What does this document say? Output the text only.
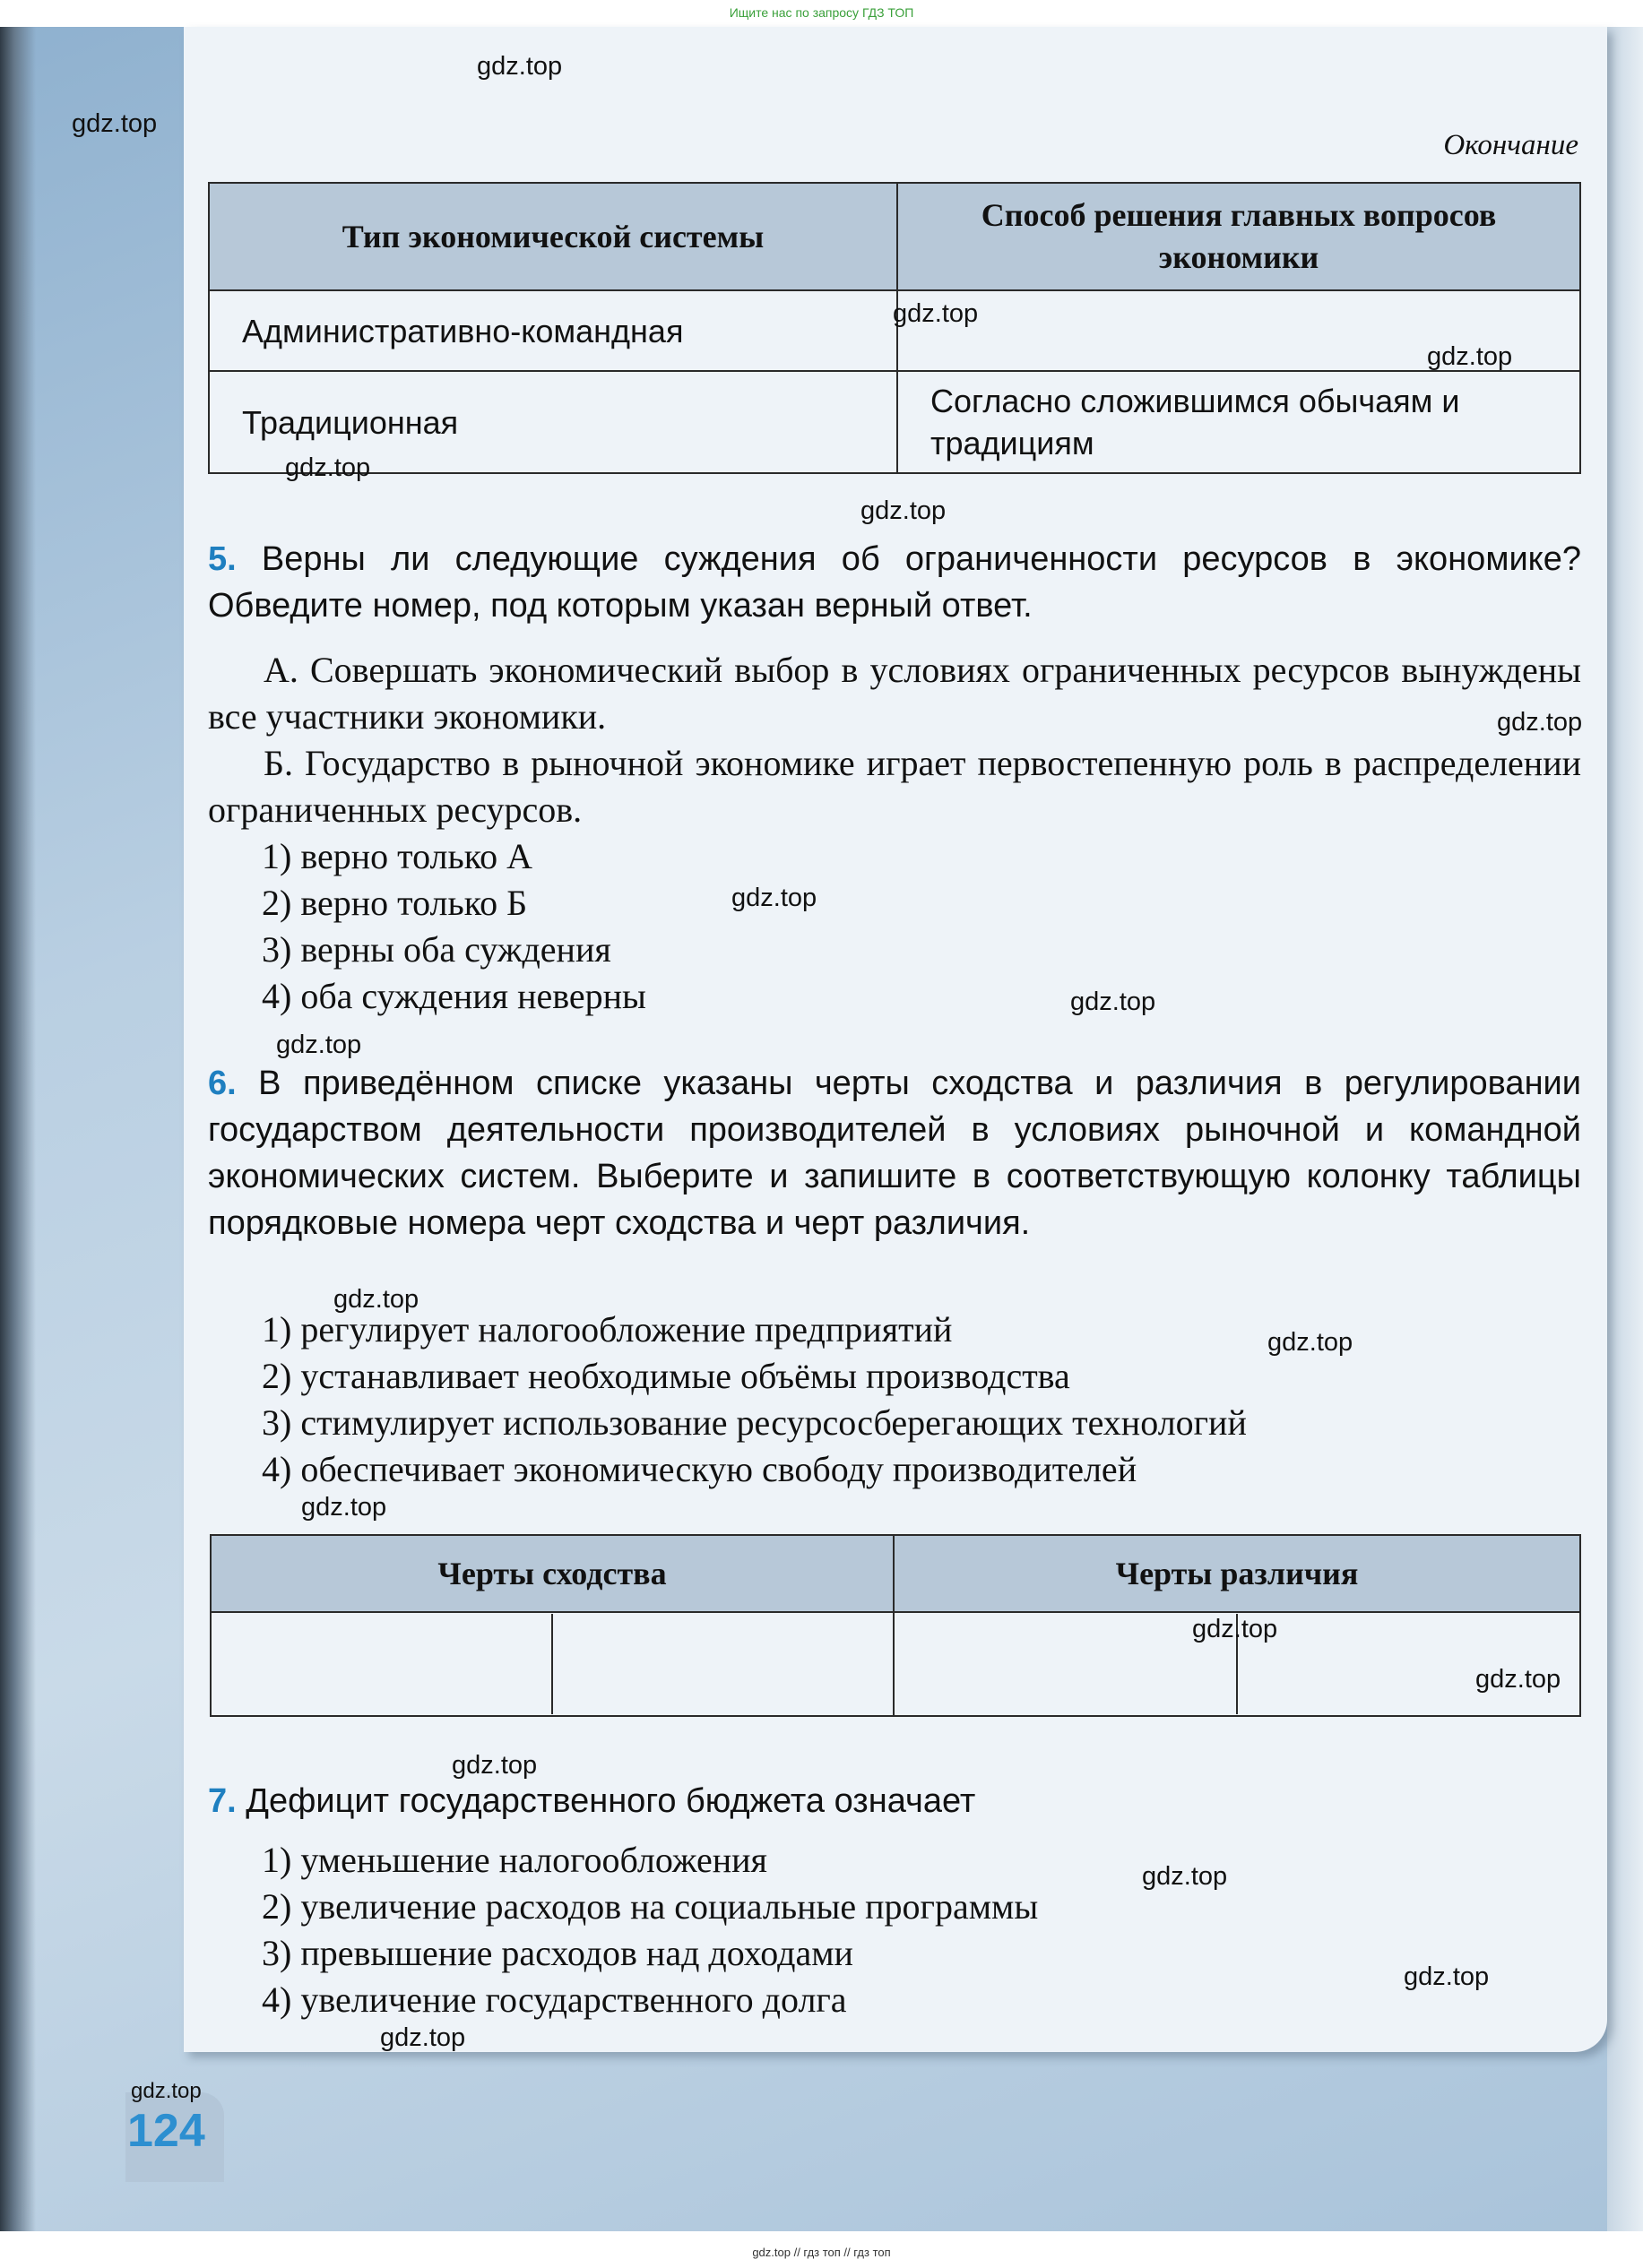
Ищите нас по запросу ГДЗ ТОП
Окончание
Тип экономической системы	Способ решения главных вопросов экономики
Административно-командная	
Традиционная	Согласно сложившимся обычаям и традициям
5. Верны ли следующие суждения об ограниченности ресурсов в экономике? Обведите номер, под которым указан верный ответ.
А. Совершать экономический выбор в условиях ограниченных ресурсов вынуждены все участники экономики.
Б. Государство в рыночной экономике играет первостепенную роль в распределении ограниченных ресурсов.
1) верно только А
2) верно только Б
3) верны оба суждения
4) оба суждения неверны
6. В приведённом списке указаны черты сходства и различия в регулировании государством деятельности производителей в условиях рыночной и командной экономических систем. Выберите и запишите в соответствующую колонку таблицы порядковые номера черт сходства и черт различия.
1) регулирует налогообложение предприятий
2) устанавливает необходимые объёмы производства
3) стимулирует использование ресурсосберегающих технологий
4) обеспечивает экономическую свободу производителей
Черты сходства	Черты различия

7. Дефицит государственного бюджета означает
1) уменьшение налогообложения
2) увеличение расходов на социальные программы
3) превышение расходов над доходами
4) увеличение государственного долга
124
gdz.top
gdz.top
gdz.top
gdz.top
gdz.top
gdz.top
gdz.top
gdz.top
gdz.top
gdz.top
gdz.top
gdz.top
gdz.top
gdz.top
gdz.top
gdz.top
gdz.top
gdz.top
gdz.top
gdz.top
gdz.top // гдз топ // гдз топ
